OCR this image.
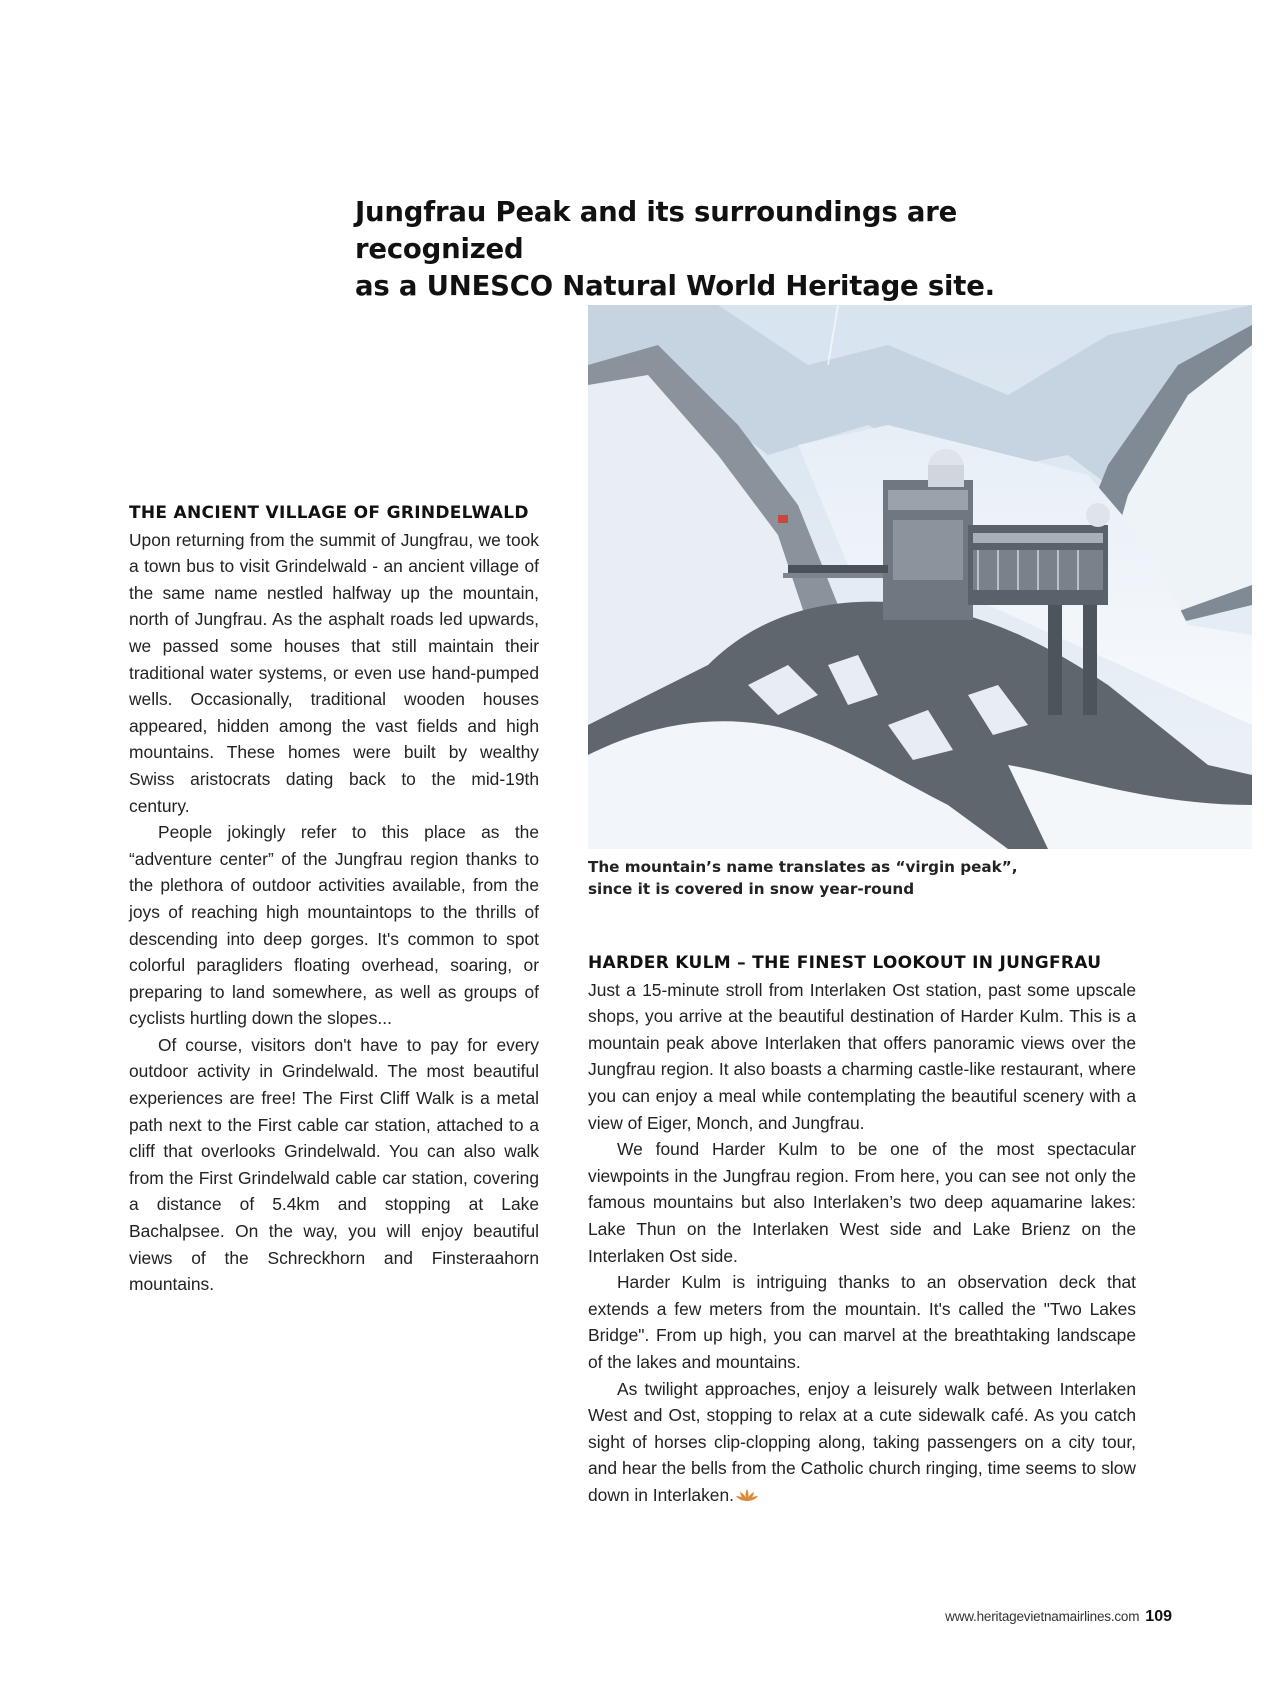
Jungfrau Peak and its surroundings are recognized
as a UNESCO Natural World Heritage site.
THE ANCIENT VILLAGE OF GRINDELWALD

Upon returning from the summit of Jungfrau, we took a town bus to visit Grindelwald - an ancient village of the same name nestled halfway up the mountain, north of Jungfrau. As the asphalt roads led upwards, we passed some houses that still maintain their traditional water systems, or even use hand-pumped wells. Occasionally, traditional wooden houses appeared, hidden among the vast fields and high mountains. These homes were built by wealthy Swiss aristocrats dating back to the mid-19th century.

People jokingly refer to this place as the “adventure center” of the Jungfrau region thanks to the plethora of outdoor activities available, from the joys of reaching high mountaintops to the thrills of descending into deep gorges. It's common to spot colorful paragliders floating overhead, soaring, or preparing to land somewhere, as well as groups of cyclists hurtling down the slopes...

Of course, visitors don't have to pay for every outdoor activity in Grindelwald. The most beautiful experiences are free! The First Cliff Walk is a metal path next to the First cable car station, attached to a cliff that overlooks Grindelwald. You can also walk from the First Grindelwald cable car station, covering a distance of 5.4km and stopping at Lake Bachalpsee. On the way, you will enjoy beautiful views of the Schreckhorn and Finsteraahorn mountains.

The mountain’s name translates as “virgin peak”, since it is covered in snow year-round
HARDER KULM – THE FINEST LOOKOUT IN JUNGFRAU

Just a 15-minute stroll from Interlaken Ost station, past some upscale shops, you arrive at the beautiful destination of Harder Kulm. This is a mountain peak above Interlaken that offers panoramic views over the Jungfrau region. It also boasts a charming castle-like restaurant, where you can enjoy a meal while contemplating the beautiful scenery with a view of Eiger, Monch, and Jungfrau.

We found Harder Kulm to be one of the most spectacular viewpoints in the Jungfrau region. From here, you can see not only the famous mountains but also Interlaken’s two deep aquamarine lakes: Lake Thun on the Interlaken West side and Lake Brienz on the Interlaken Ost side.

Harder Kulm is intriguing thanks to an observation deck that extends a few meters from the mountain. It's called the "Two Lakes Bridge". From up high, you can marvel at the breathtaking landscape of the lakes and mountains.

As twilight approaches, enjoy a leisurely walk between Interlaken West and Ost, stopping to relax at a cute sidewalk café. As you catch sight of horses clip-clopping along, taking passengers on a city tour, and hear the bells from the Catholic church ringing, time seems to slow down in Interlaken.

www.heritagevietnamairlines.com 109
